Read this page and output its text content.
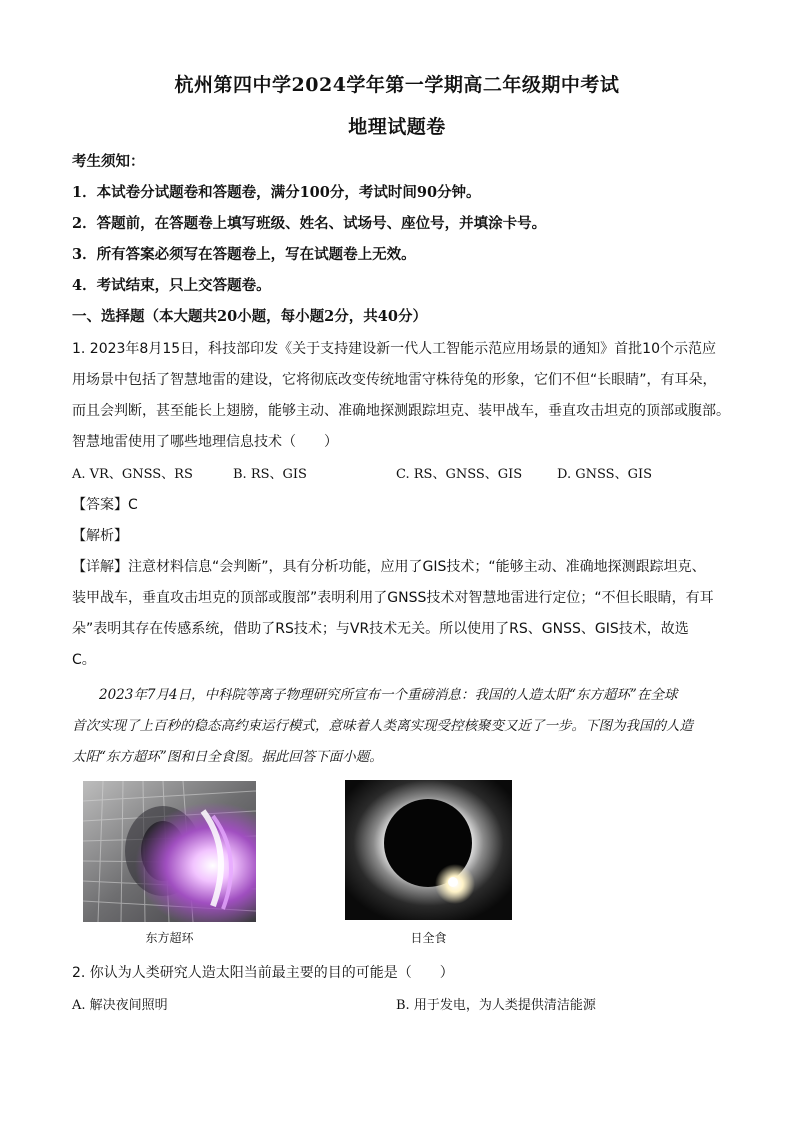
杭州第四中学2024学年第一学期高二年级期中考试
地理试题卷
考生须知：
1．本试卷分试题卷和答题卷，满分100分，考试时间90分钟。
2．答题前，在答题卷上填写班级、姓名、试场号、座位号，并填涂卡号。
3．所有答案必须写在答题卷上，写在试题卷上无效。
4．考试结束，只上交答题卷。
一、选择题（本大题共20小题，每小题2分，共40分）
1. 2023年8月15日，科技部印发《关于支持建设新一代人工智能示范应用场景的通知》首批10个示范应
用场景中包括了智慧地雷的建设，它将彻底改变传统地雷守株待兔的形象，它们不但“长眼睛”，有耳朵，
而且会判断，甚至能长上翅膀，能够主动、准确地探测跟踪坦克、装甲战车，垂直攻击坦克的顶部或腹部。
智慧地雷使用了哪些地理信息技术（　　）
A. VR、GNSS、RS	B. RS、GIS	C. RS、GNSS、GIS	D. GNSS、GIS
【答案】C
【解析】
【详解】注意材料信息“会判断”，具有分析功能，应用了GIS技术；“能够主动、准确地探测跟踪坦克、
装甲战车，垂直攻击坦克的顶部或腹部”表明利用了GNSS技术对智慧地雷进行定位；“不但长眼睛，有耳
朵”表明其存在传感系统，借助了RS技术；与VR技术无关。所以使用了RS、GNSS、GIS技术，故选
C。
　　2023年7月4日，中科院等离子物理研究所宣布一个重磅消息：我国的人造太阳“东方超环”在全球
首次实现了上百秒的稳态高约束运行模式，意味着人类离实现受控核聚变又近了一步。下图为我国的人造
太阳“东方超环”图和日全食图。据此回答下面小题。
东方超环	日全食
2. 你认为人类研究人造太阳当前最主要的目的可能是（　　）
A. 解决夜间照明	B. 用于发电，为人类提供清洁能源
